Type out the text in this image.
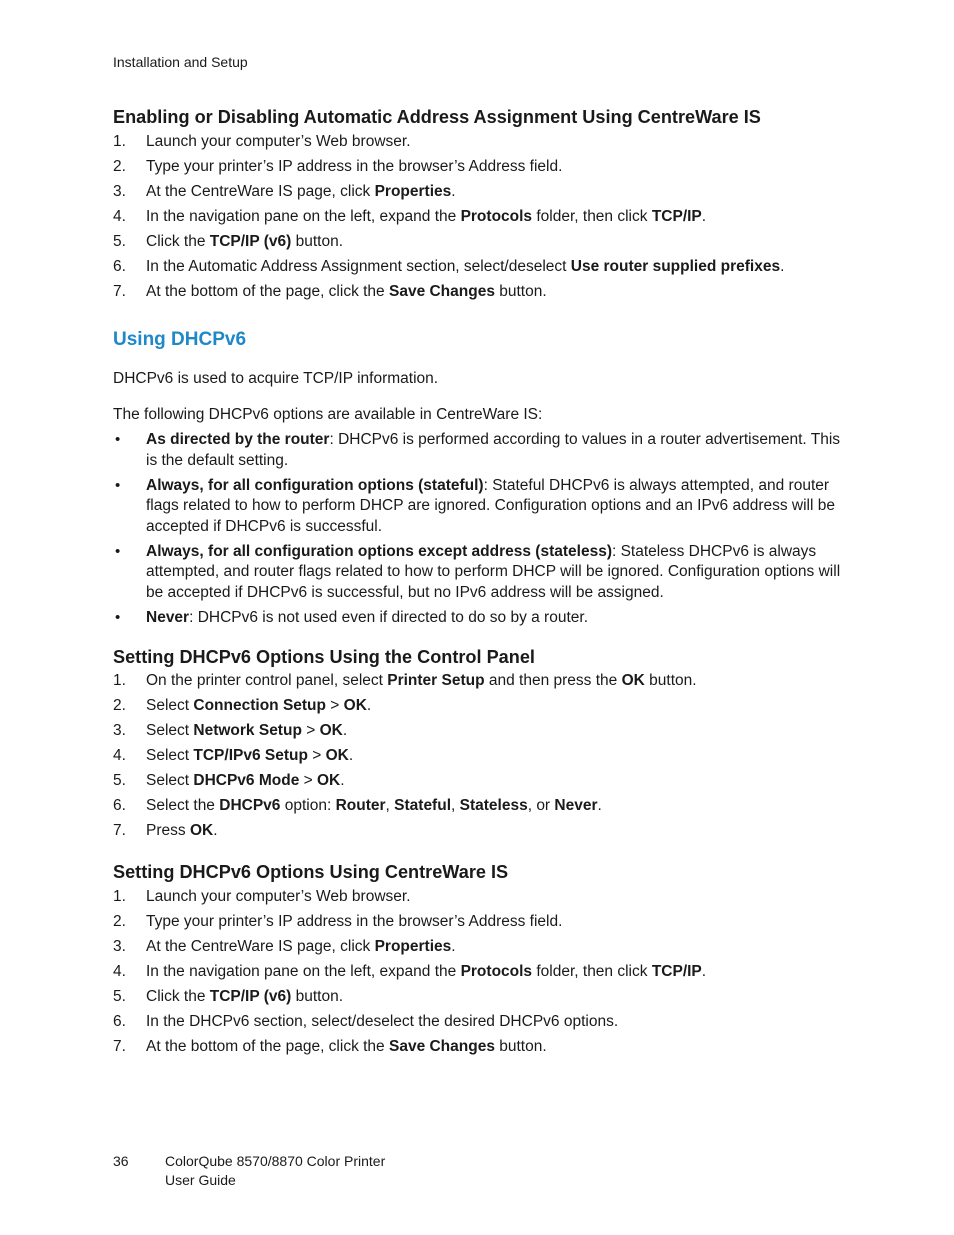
Installation and Setup
Enabling or Disabling Automatic Address Assignment Using CentreWare IS
1. Launch your computer’s Web browser.
2. Type your printer’s IP address in the browser’s Address field.
3. At the CentreWare IS page, click Properties.
4. In the navigation pane on the left, expand the Protocols folder, then click TCP/IP.
5. Click the TCP/IP (v6) button.
6. In the Automatic Address Assignment section, select/deselect Use router supplied prefixes.
7. At the bottom of the page, click the Save Changes button.
Using DHCPv6

DHCPv6 is used to acquire TCP/IP information.

The following DHCPv6 options are available in CentreWare IS:

• As directed by the router: DHCPv6 is performed according to values in a router advertisement. This is the default setting.
• Always, for all configuration options (stateful): Stateful DHCPv6 is always attempted, and router flags related to how to perform DHCP are ignored. Configuration options and an IPv6 address will be accepted if DHCPv6 is successful.
• Always, for all configuration options except address (stateless): Stateless DHCPv6 is always attempted, and router flags related to how to perform DHCP will be ignored. Configuration options will be accepted if DHCPv6 is successful, but no IPv6 address will be assigned.
• Never: DHCPv6 is not used even if directed to do so by a router.
Setting DHCPv6 Options Using the Control Panel
1. On the printer control panel, select Printer Setup and then press the OK button.
2. Select Connection Setup > OK.
3. Select Network Setup > OK.
4. Select TCP/IPv6 Setup > OK.
5. Select DHCPv6 Mode > OK.
6. Select the DHCPv6 option: Router, Stateful, Stateless, or Never.
7. Press OK.
Setting DHCPv6 Options Using CentreWare IS
1. Launch your computer’s Web browser.
2. Type your printer’s IP address in the browser’s Address field.
3. At the CentreWare IS page, click Properties.
4. In the navigation pane on the left, expand the Protocols folder, then click TCP/IP.
5. Click the TCP/IP (v6) button.
6. In the DHCPv6 section, select/deselect the desired DHCPv6 options.
7. At the bottom of the page, click the Save Changes button.
36	ColorQube 8570/8870 Color Printer
User Guide
